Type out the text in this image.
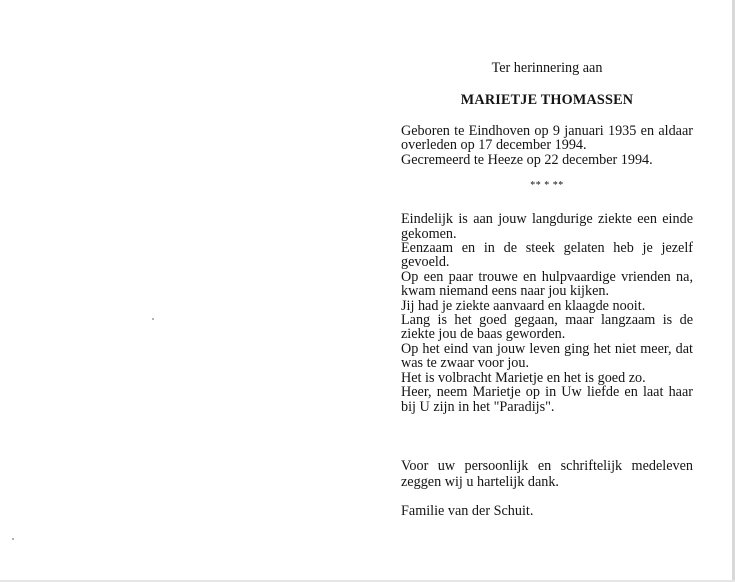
Ter herinnering aan

MARIETJE THOMASSEN

Geboren te Eindhoven op 9 januari 1935 en aldaar overleden op 17 december 1994.

Gecremeerd te Heeze op 22 december 1994.

** * **

Eindelijk is aan jouw langdurige ziekte een einde gekomen.

Eenzaam en in de steek gelaten heb je jezelf gevoeld.

Op een paar trouwe en hulpvaardige vrienden na, kwam niemand eens naar jou kijken.

Jij had je ziekte aanvaard en klaagde nooit.

Lang is het goed gegaan, maar langzaam is de ziekte jou de baas geworden.

Op het eind van jouw leven ging het niet meer, dat was te zwaar voor jou.

Het is volbracht Marietje en het is goed zo.

Heer, neem Marietje op in Uw liefde en laat haar bij U zijn in het "Paradijs".

Voor uw persoonlijk en schriftelijk medeleven zeggen wij u hartelijk dank.

Familie van der Schuit.
